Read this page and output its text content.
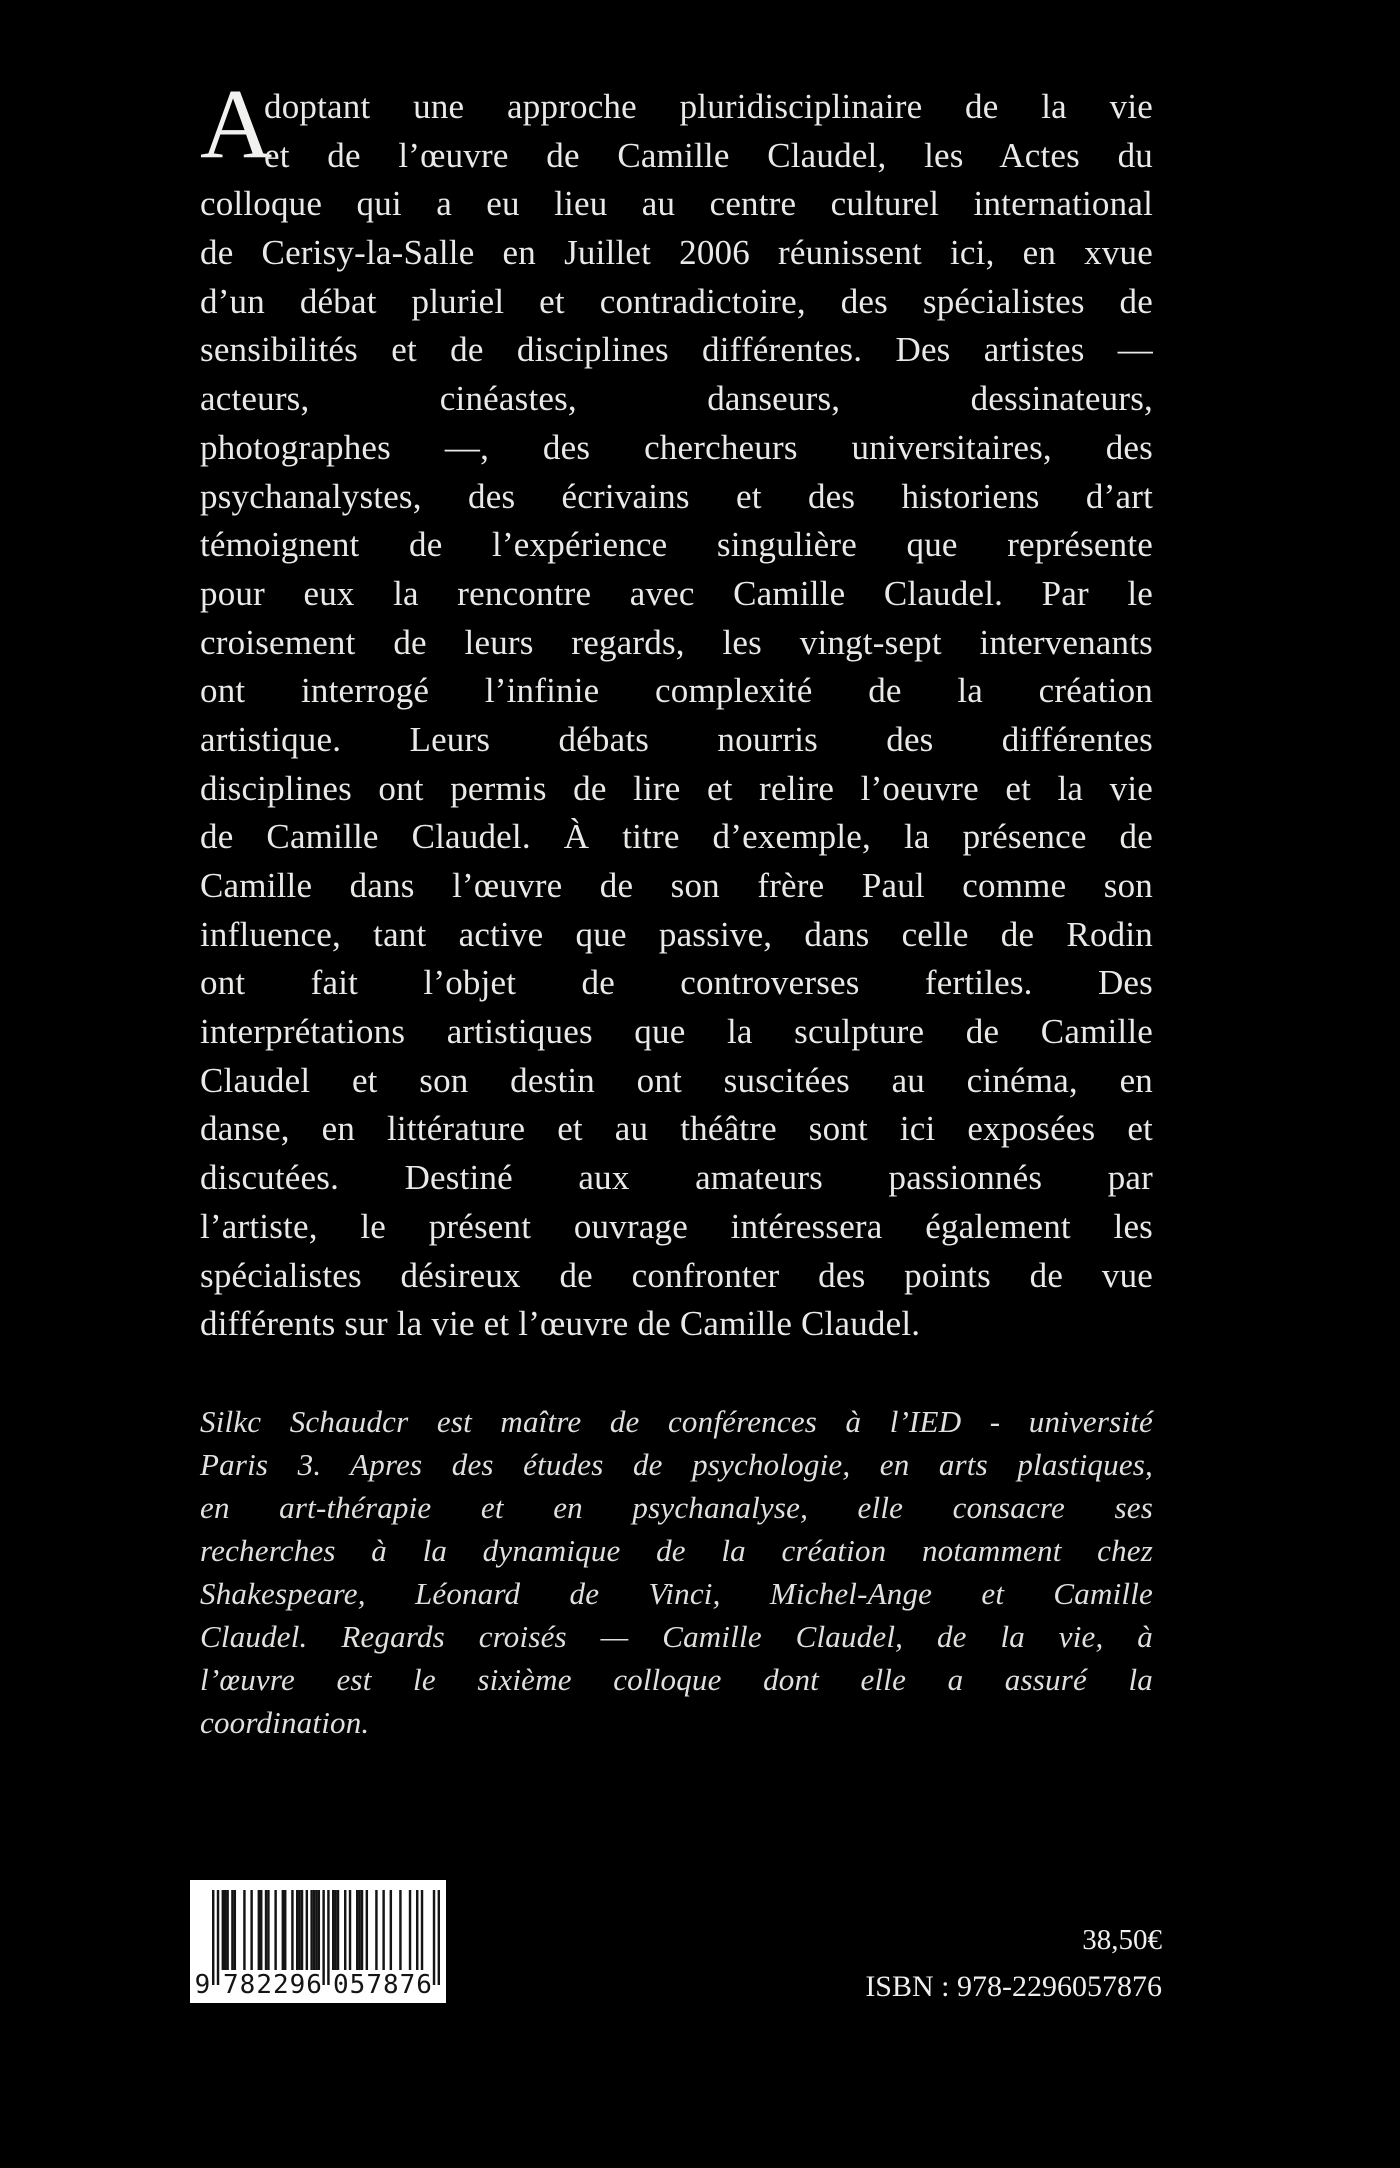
A
doptant une approche pluridisciplinaire de la vie
et de l’œuvre de Camille Claudel, les Actes du
colloque qui a eu lieu au centre culturel international
de Cerisy-la-Salle en Juillet 2006 réunissent ici, en xvue
d’un débat pluriel et contradictoire, des spécialistes de
sensibilités et de disciplines différentes. Des artistes —
acteurs, cinéastes, danseurs, dessinateurs,
photographes —, des chercheurs universitaires, des
psychanalystes, des écrivains et des historiens d’art
témoignent de l’expérience singulière que représente
pour eux la rencontre avec Camille Claudel. Par le
croisement de leurs regards, les vingt-sept intervenants
ont interrogé l’infinie complexité de la création
artistique. Leurs débats nourris des différentes
disciplines ont permis de lire et relire l’oeuvre et la vie
de Camille Claudel. À titre d’exemple, la présence de
Camille dans l’œuvre de son frère Paul comme son
influence, tant active que passive, dans celle de Rodin
ont fait l’objet de controverses fertiles. Des
interprétations artistiques que la sculpture de Camille
Claudel et son destin ont suscitées au cinéma, en
danse, en littérature et au théâtre sont ici exposées et
discutées. Destiné aux amateurs passionnés par
l’artiste, le présent ouvrage intéressera également les
spécialistes désireux de confronter des points de vue
différents sur la vie et l’œuvre de Camille Claudel.
Silkc Schaudcr est maître de conférences à l’IED - université
Paris 3. Apres des études de psychologie, en arts plastiques,
en art-thérapie et en psychanalyse, elle consacre ses
recherches à la dynamique de la création notamment chez
Shakespeare, Léonard de Vinci, Michel-Ange et Camille
Claudel. Regards croisés — Camille Claudel, de la vie, à
l’œuvre est le sixième colloque dont elle a assuré la
coordination.
9 782296 057876
38,50€
ISBN : 978-2296057876
